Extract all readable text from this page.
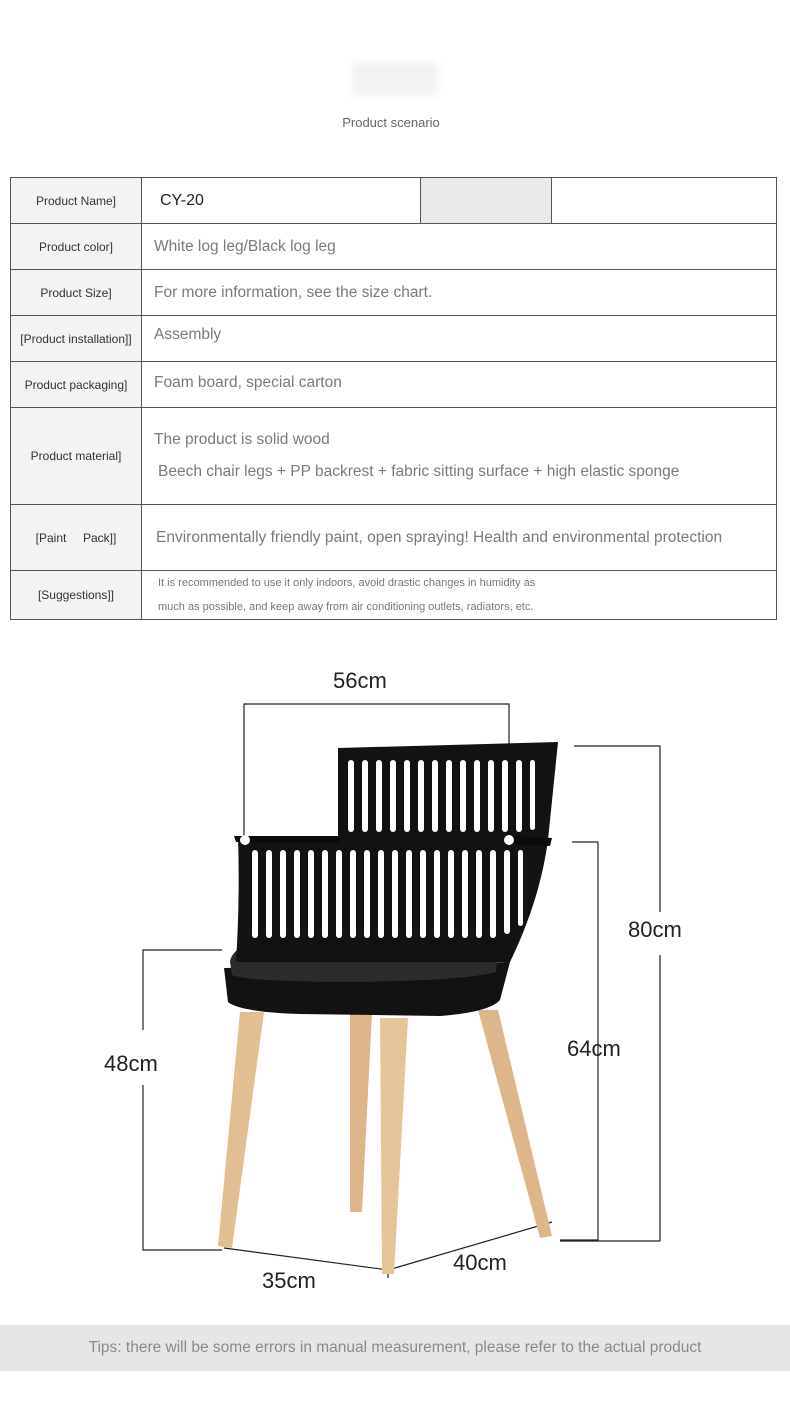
Product scenario
Product Name]	CY-20		
Product color]	White log leg/Black log leg		
Product Size]	For more information, see the size chart.		
[Product installation]]	Assembly		
Product packaging]	Foam board, special carton		
Product material]	The product is solid wood
Beech chair legs + PP backrest + fabric sitting surface + high elastic sponge		

[Paint     Pack]]	Environmentally friendly paint, open spraying! Health and environmental protection		
[Suggestions]]	It is recommended to use it only indoors, avoid drastic changes in humidity as
much as possible, and keep away from air conditioning outlets, radiators, etc.		
56cm
80cm
48cm
64cm
35cm
40cm
Tips: there will be some errors in manual measurement, please refer to the actual product
